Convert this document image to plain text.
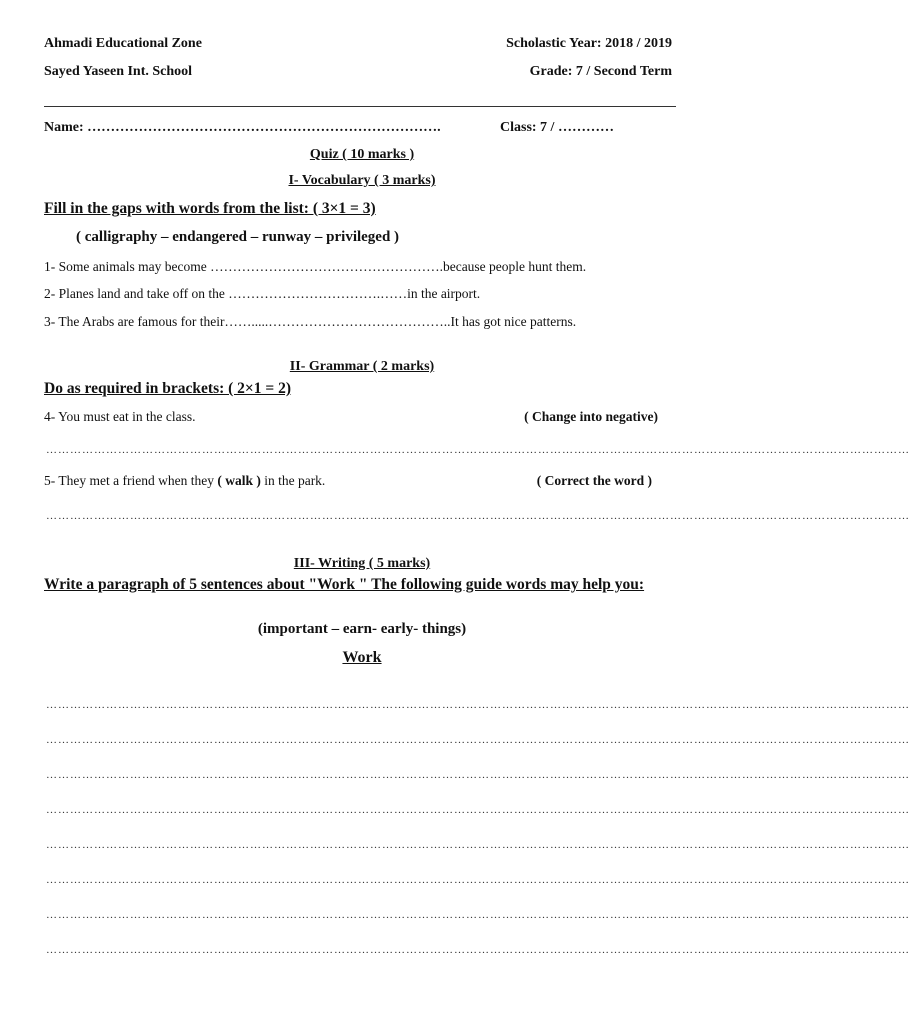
Ahmadi Educational Zone	Scholastic Year: 2018 / 2019
Sayed Yaseen Int. School	Grade: 7 / Second Term
Name: ………………………………………………………………….	Class: 7 / …………
Quiz ( 10 marks )
I- Vocabulary ( 3 marks)
Fill in the gaps with words from the list: ( 3×1 = 3)
( calligraphy – endangered – runway – privileged )
1- Some animals may become …………………………………………….because people hunt them.
2- Planes land and take off on the …………………………….……in the airport.
3- The Arabs are famous for their…….....…………………………………..It has got nice patterns.
II- Grammar ( 2 marks)
Do as required in brackets: ( 2×1 = 2)
4- You must eat in the class.	( Change into negative)
………………………………………………………………………………………………………………………………………………………………………………………………
5- They met a friend when they ( walk ) in the park.	( Correct the word )
………………………………………………………………………………………………………………………………………………………………………………………………
III- Writing ( 5 marks)
Write a paragraph of 5 sentences about "Work " The following guide words may help you:
(important – earn- early- things)
Work
………………………………………………………………………………………………………………………………………………………………………………………………
………………………………………………………………………………………………………………………………………………………………………………………………
………………………………………………………………………………………………………………………………………………………………………………………………
………………………………………………………………………………………………………………………………………………………………………………………………
………………………………………………………………………………………………………………………………………………………………………………………………
………………………………………………………………………………………………………………………………………………………………………………………………
………………………………………………………………………………………………………………………………………………………………………………………………
………………………………………………………………………………………………………………………………………………………………………………………………
